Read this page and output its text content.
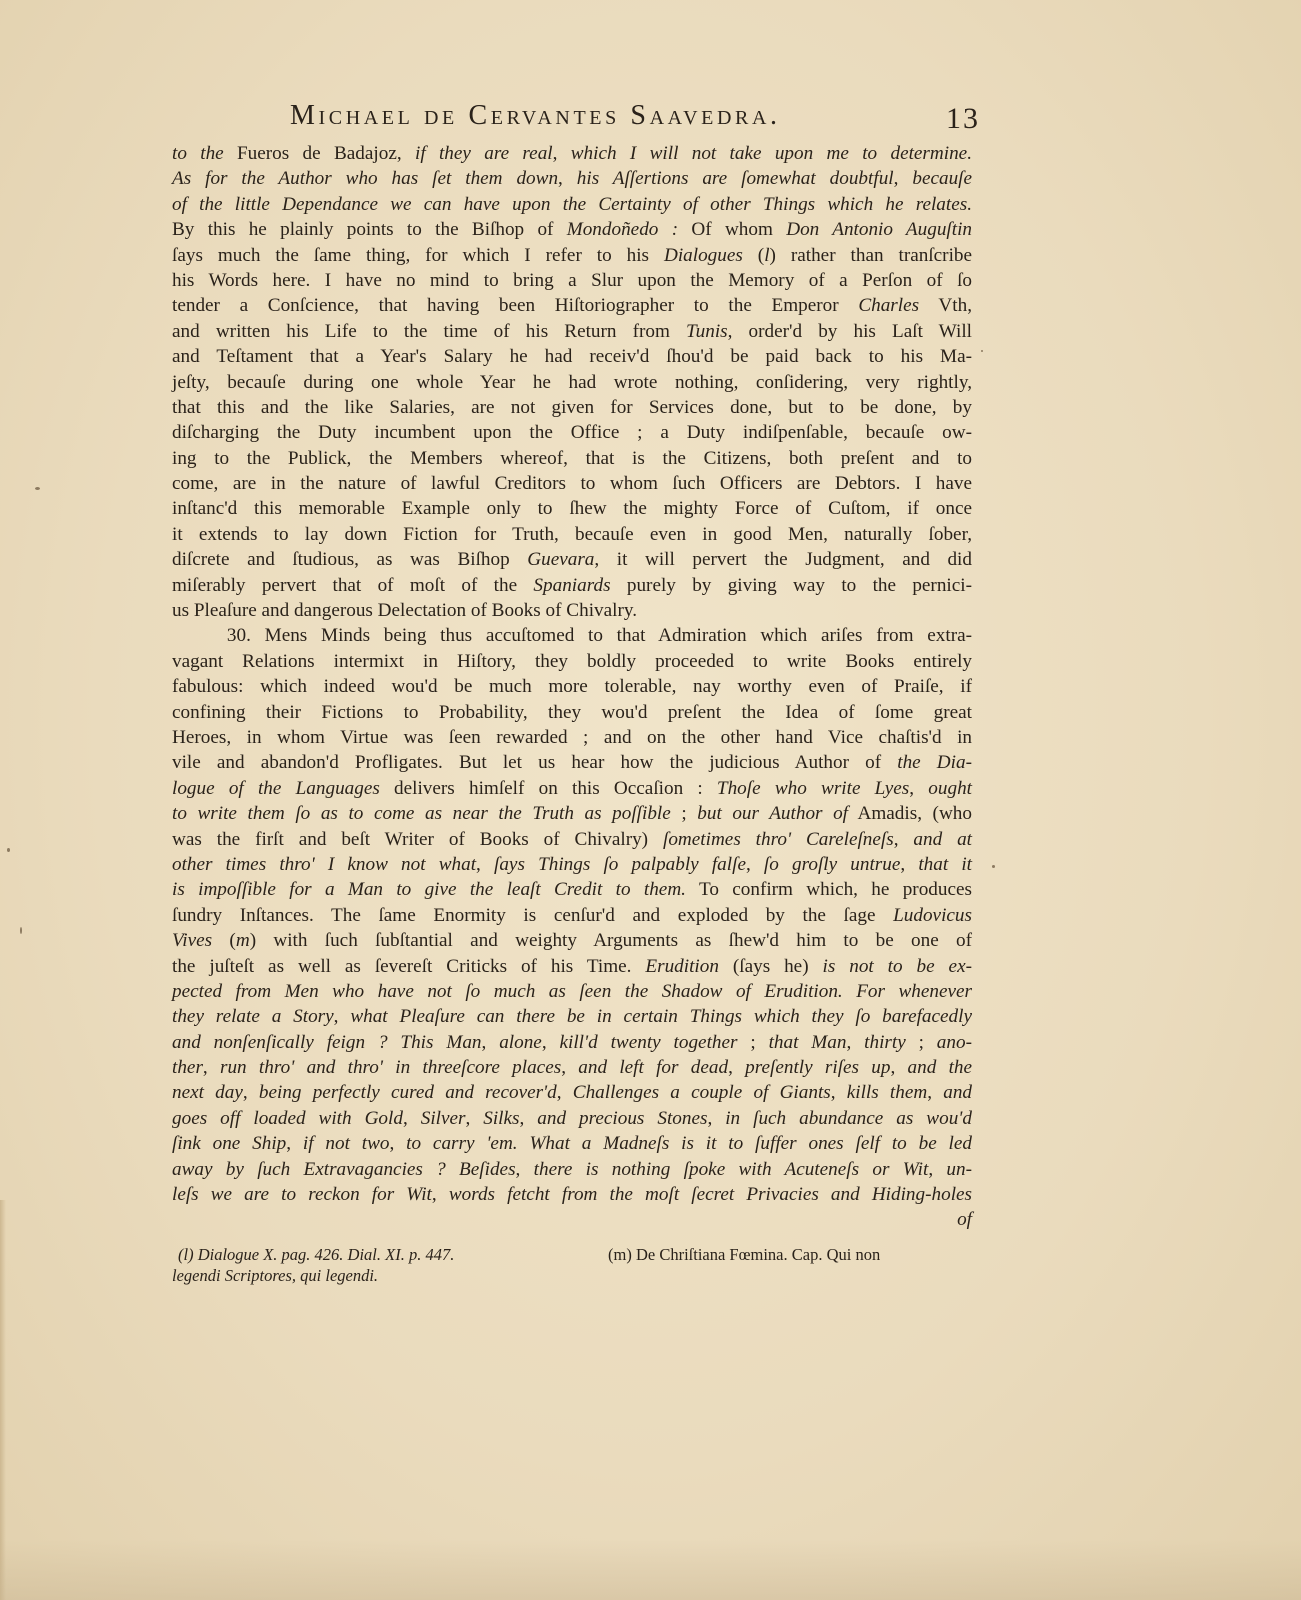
Michael de Cervantes Saavedra.	13
to the Fueros de Badajoz, if they are real, which I will not take upon me to determine.
As for the Author who has ſet them down, his Aſſertions are ſomewhat doubtful, becauſe
of the little Dependance we can have upon the Certainty of other Things which he relates.
By this he plainly points to the Biſhop of Mondoñedo : Of whom Don Antonio Auguſtin
ſays much the ſame thing, for which I refer to his Dialogues (l) rather than tranſcribe
his Words here. I have no mind to bring a Slur upon the Memory of a Perſon of ſo
tender a Conſcience, that having been Hiſtoriographer to the Emperor Charles Vth,
and written his Life to the time of his Return from Tunis, order'd by his Laſt Will
and Teſtament that a Year's Salary he had receiv'd ſhou'd be paid back to his Ma-
jeſty, becauſe during one whole Year he had wrote nothing, conſidering, very rightly,
that this and the like Salaries, are not given for Services done, but to be done, by
diſcharging the Duty incumbent upon the Office ; a Duty indiſpenſable, becauſe ow-
ing to the Publick, the Members whereof, that is the Citizens, both preſent and to
come, are in the nature of lawful Creditors to whom ſuch Officers are Debtors. I have
inſtanc'd this memorable Example only to ſhew the mighty Force of Cuſtom, if once
it extends to lay down Fiction for Truth, becauſe even in good Men, naturally ſober,
diſcrete and ſtudious, as was Biſhop Guevara, it will pervert the Judgment, and did
miſerably pervert that of moſt of the Spaniards purely by giving way to the pernici-
us Pleaſure and dangerous Delectation of Books of Chivalry.
30. Mens Minds being thus accuſtomed to that Admiration which ariſes from extra-
vagant Relations intermixt in Hiſtory, they boldly proceeded to write Books entirely
fabulous: which indeed wou'd be much more tolerable, nay worthy even of Praiſe, if
confining their Fictions to Probability, they wou'd preſent the Idea of ſome great
Heroes, in whom Virtue was ſeen rewarded ; and on the other hand Vice chaſtis'd in
vile and abandon'd Profligates. But let us hear how the judicious Author of the Dia-
logue of the Languages delivers himſelf on this Occaſion : Thoſe who write Lyes, ought
to write them ſo as to come as near the Truth as poſſible ; but our Author of Amadis, (who
was the firſt and beſt Writer of Books of Chivalry) ſometimes thro' Careleſneſs, and at
other times thro' I know not what, ſays Things ſo palpably falſe, ſo groſly untrue, that it
is impoſſible for a Man to give the leaſt Credit to them. To confirm which, he produces
ſundry Inſtances. The ſame Enormity is cenſur'd and exploded by the ſage Ludovicus
Vives (m) with ſuch ſubſtantial and weighty Arguments as ſhew'd him to be one of
the juſteſt as well as ſevereſt Criticks of his Time. Erudition (ſays he) is not to be ex-
pected from Men who have not ſo much as ſeen the Shadow of Erudition. For whenever
they relate a Story, what Pleaſure can there be in certain Things which they ſo barefacedly
and nonſenſically feign ? This Man, alone, kill'd twenty together ; that Man, thirty ; ano-
ther, run thro' and thro' in threeſcore places, and left for dead, preſently riſes up, and the
next day, being perfectly cured and recover'd, Challenges a couple of Giants, kills them, and
goes off loaded with Gold, Silver, Silks, and precious Stones, in ſuch abundance as wou'd
ſink one Ship, if not two, to carry 'em. What a Madneſs is it to ſuffer ones ſelf to be led
away by ſuch Extravagancies ? Beſides, there is nothing ſpoke with Acuteneſs or Wit, un-
leſs we are to reckon for Wit, words fetcht from the moſt ſecret Privacies and Hiding-holes
of
(l) Dialogue X. pag. 426. Dial. XI. p. 447.	(m) De Chriſtiana Fœmina. Cap. Qui non
legendi Scriptores, qui legendi.
